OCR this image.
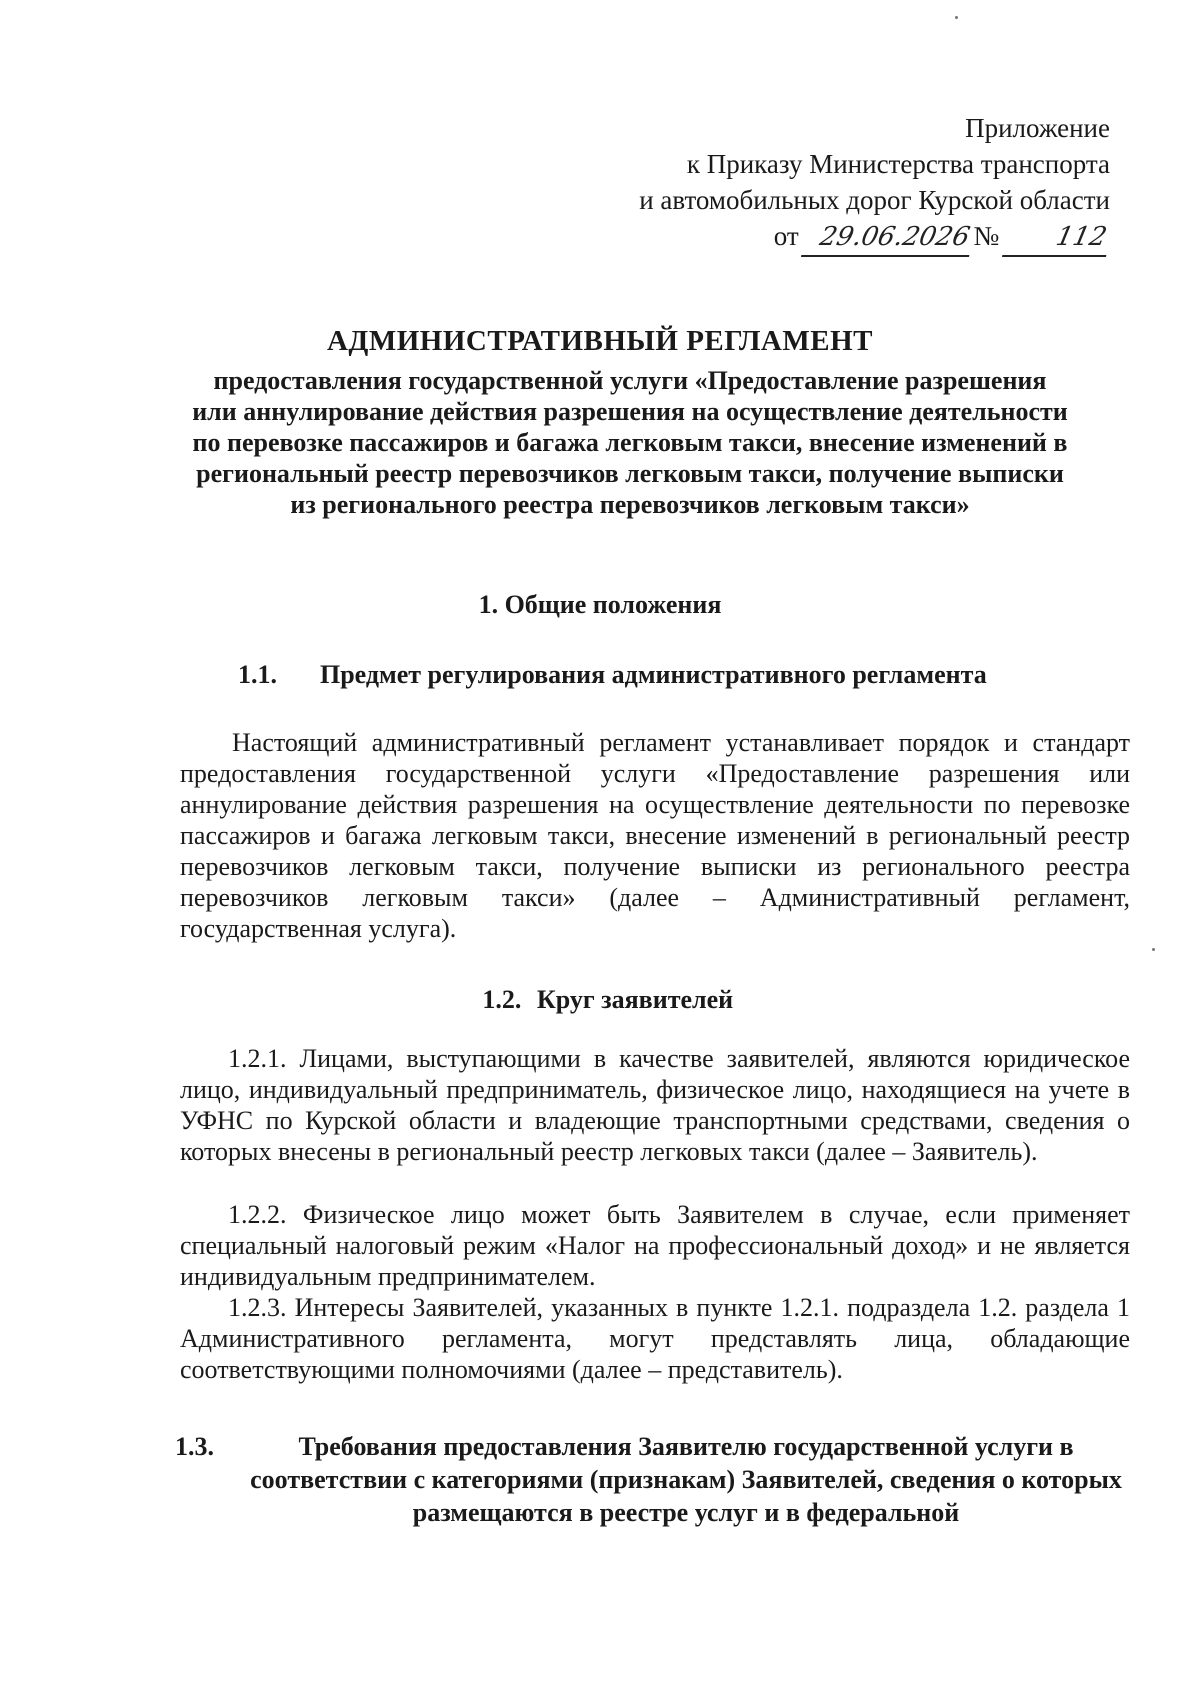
Приложение
к Приказу Министерства транспорта
и автомобильных дорог Курской области
от 29.06.2026№ 112
АДМИНИСТРАТИВНЫЙ РЕГЛАМЕНТ
предоставления государственной услуги «Предоставление разрешения или аннулирование действия разрешения на осуществление деятельности по перевозке пассажиров и багажа легковым такси, внесение изменений в региональный реестр перевозчиков легковым такси, получение выписки из регионального реестра перевозчиков легковым такси»
1. Общие положения
1.1. Предмет регулирования административного регламента
Настоящий административный регламент устанавливает порядок и стандарт предоставления государственной услуги «Предоставление разрешения или аннулирование действия разрешения на осуществление деятельности по перевозке пассажиров и багажа легковым такси, внесение изменений в региональный реестр перевозчиков легковым такси, получение выписки из регионального реестра перевозчиков легковым такси» (далее – Административный регламент, государственная услуга).
1.2. Круг заявителей
1.2.1. Лицами, выступающими в качестве заявителей, являются юридическое лицо, индивидуальный предприниматель, физическое лицо, находящиеся на учете в УФНС по Курской области и владеющие транспортными средствами, сведения о которых внесены в региональный реестр легковых такси (далее – Заявитель).
1.2.2. Физическое лицо может быть Заявителем в случае, если применяет специальный налоговый режим «Налог на профессиональный доход» и не является индивидуальным предпринимателем.
1.2.3. Интересы Заявителей, указанных в пункте 1.2.1. подраздела 1.2. раздела 1 Административного регламента, могут представлять лица, обладающие соответствующими полномочиями (далее – представитель).
1.3.	Требования предоставления Заявителю государственной услуги в соответствии с категориями (признакам) Заявителей, сведения о которых размещаются в реестре услуг и в федеральной
